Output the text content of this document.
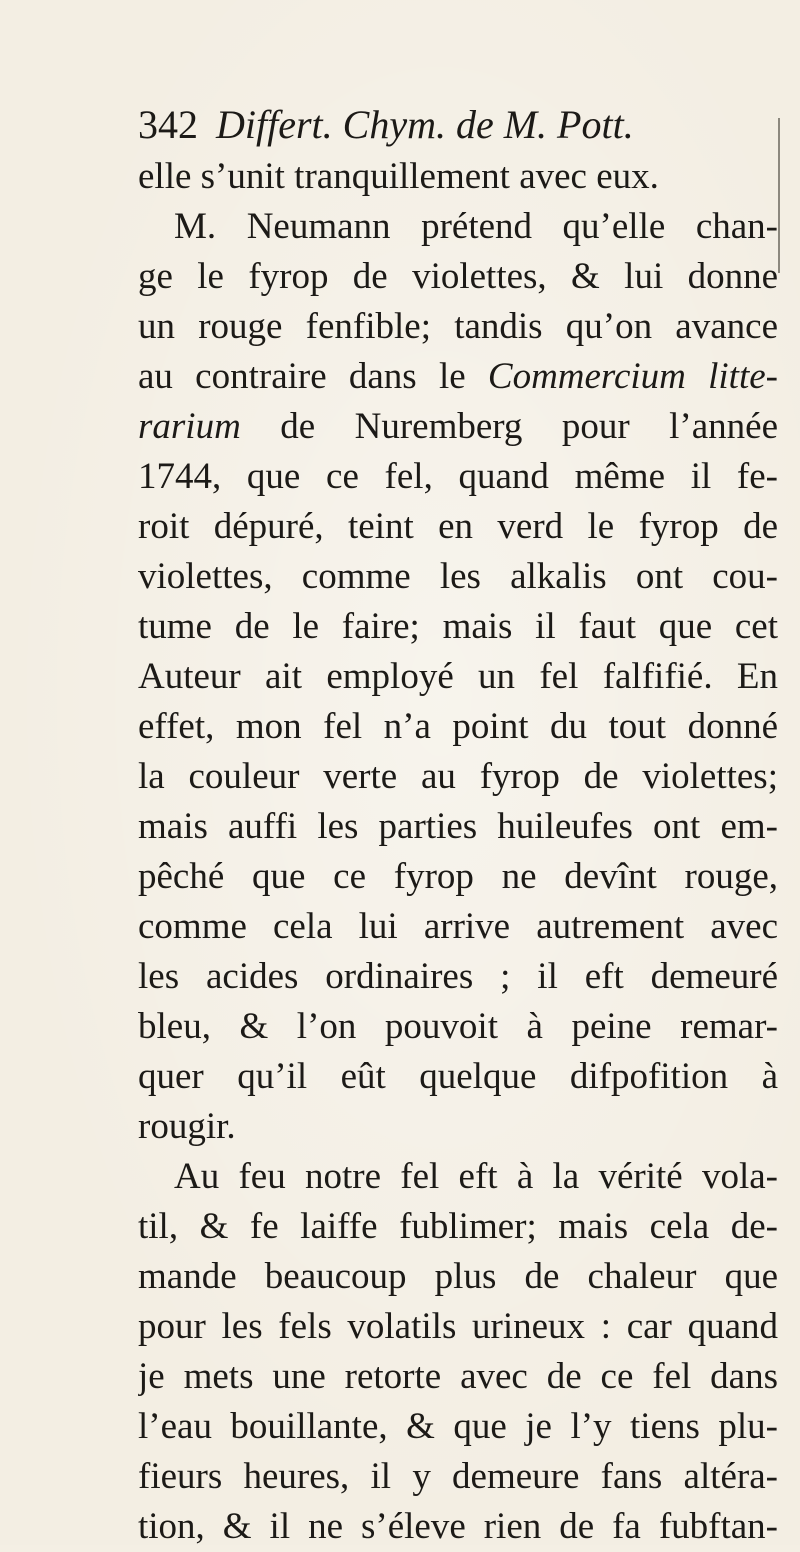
342 Differt. Chym. de M. Pott.
elle s’unit tranquillement avec eux.
M. Neumann prétend qu’elle chan-
ge le fyrop de violettes, & lui donne
un rouge fenfible; tandis qu’on avance
au contraire dans le Commercium litte-
rarium de Nuremberg pour l’année
1744, que ce fel, quand même il fe-
roit dépuré, teint en verd le fyrop de
violettes, comme les alkalis ont cou-
tume de le faire; mais il faut que cet
Auteur ait employé un fel falfifié. En
effet, mon fel n’a point du tout donné
la couleur verte au fyrop de violettes;
mais auffi les parties huileufes ont em-
pêché que ce fyrop ne devînt rouge,
comme cela lui arrive autrement avec
les acides ordinaires ; il eft demeuré
bleu, & l’on pouvoit à peine remar-
quer qu’il eût quelque difpofition à
rougir.
Au feu notre fel eft à la vérité vola-
til, & fe laiffe fublimer; mais cela de-
mande beaucoup plus de chaleur que
pour les fels volatils urineux : car quand
je mets une retorte avec de ce fel dans
l’eau bouillante, & que je l’y tiens plu-
fieurs heures, il y demeure fans altéra-
tion, & il ne s’éleve rien de fa fubftan-
